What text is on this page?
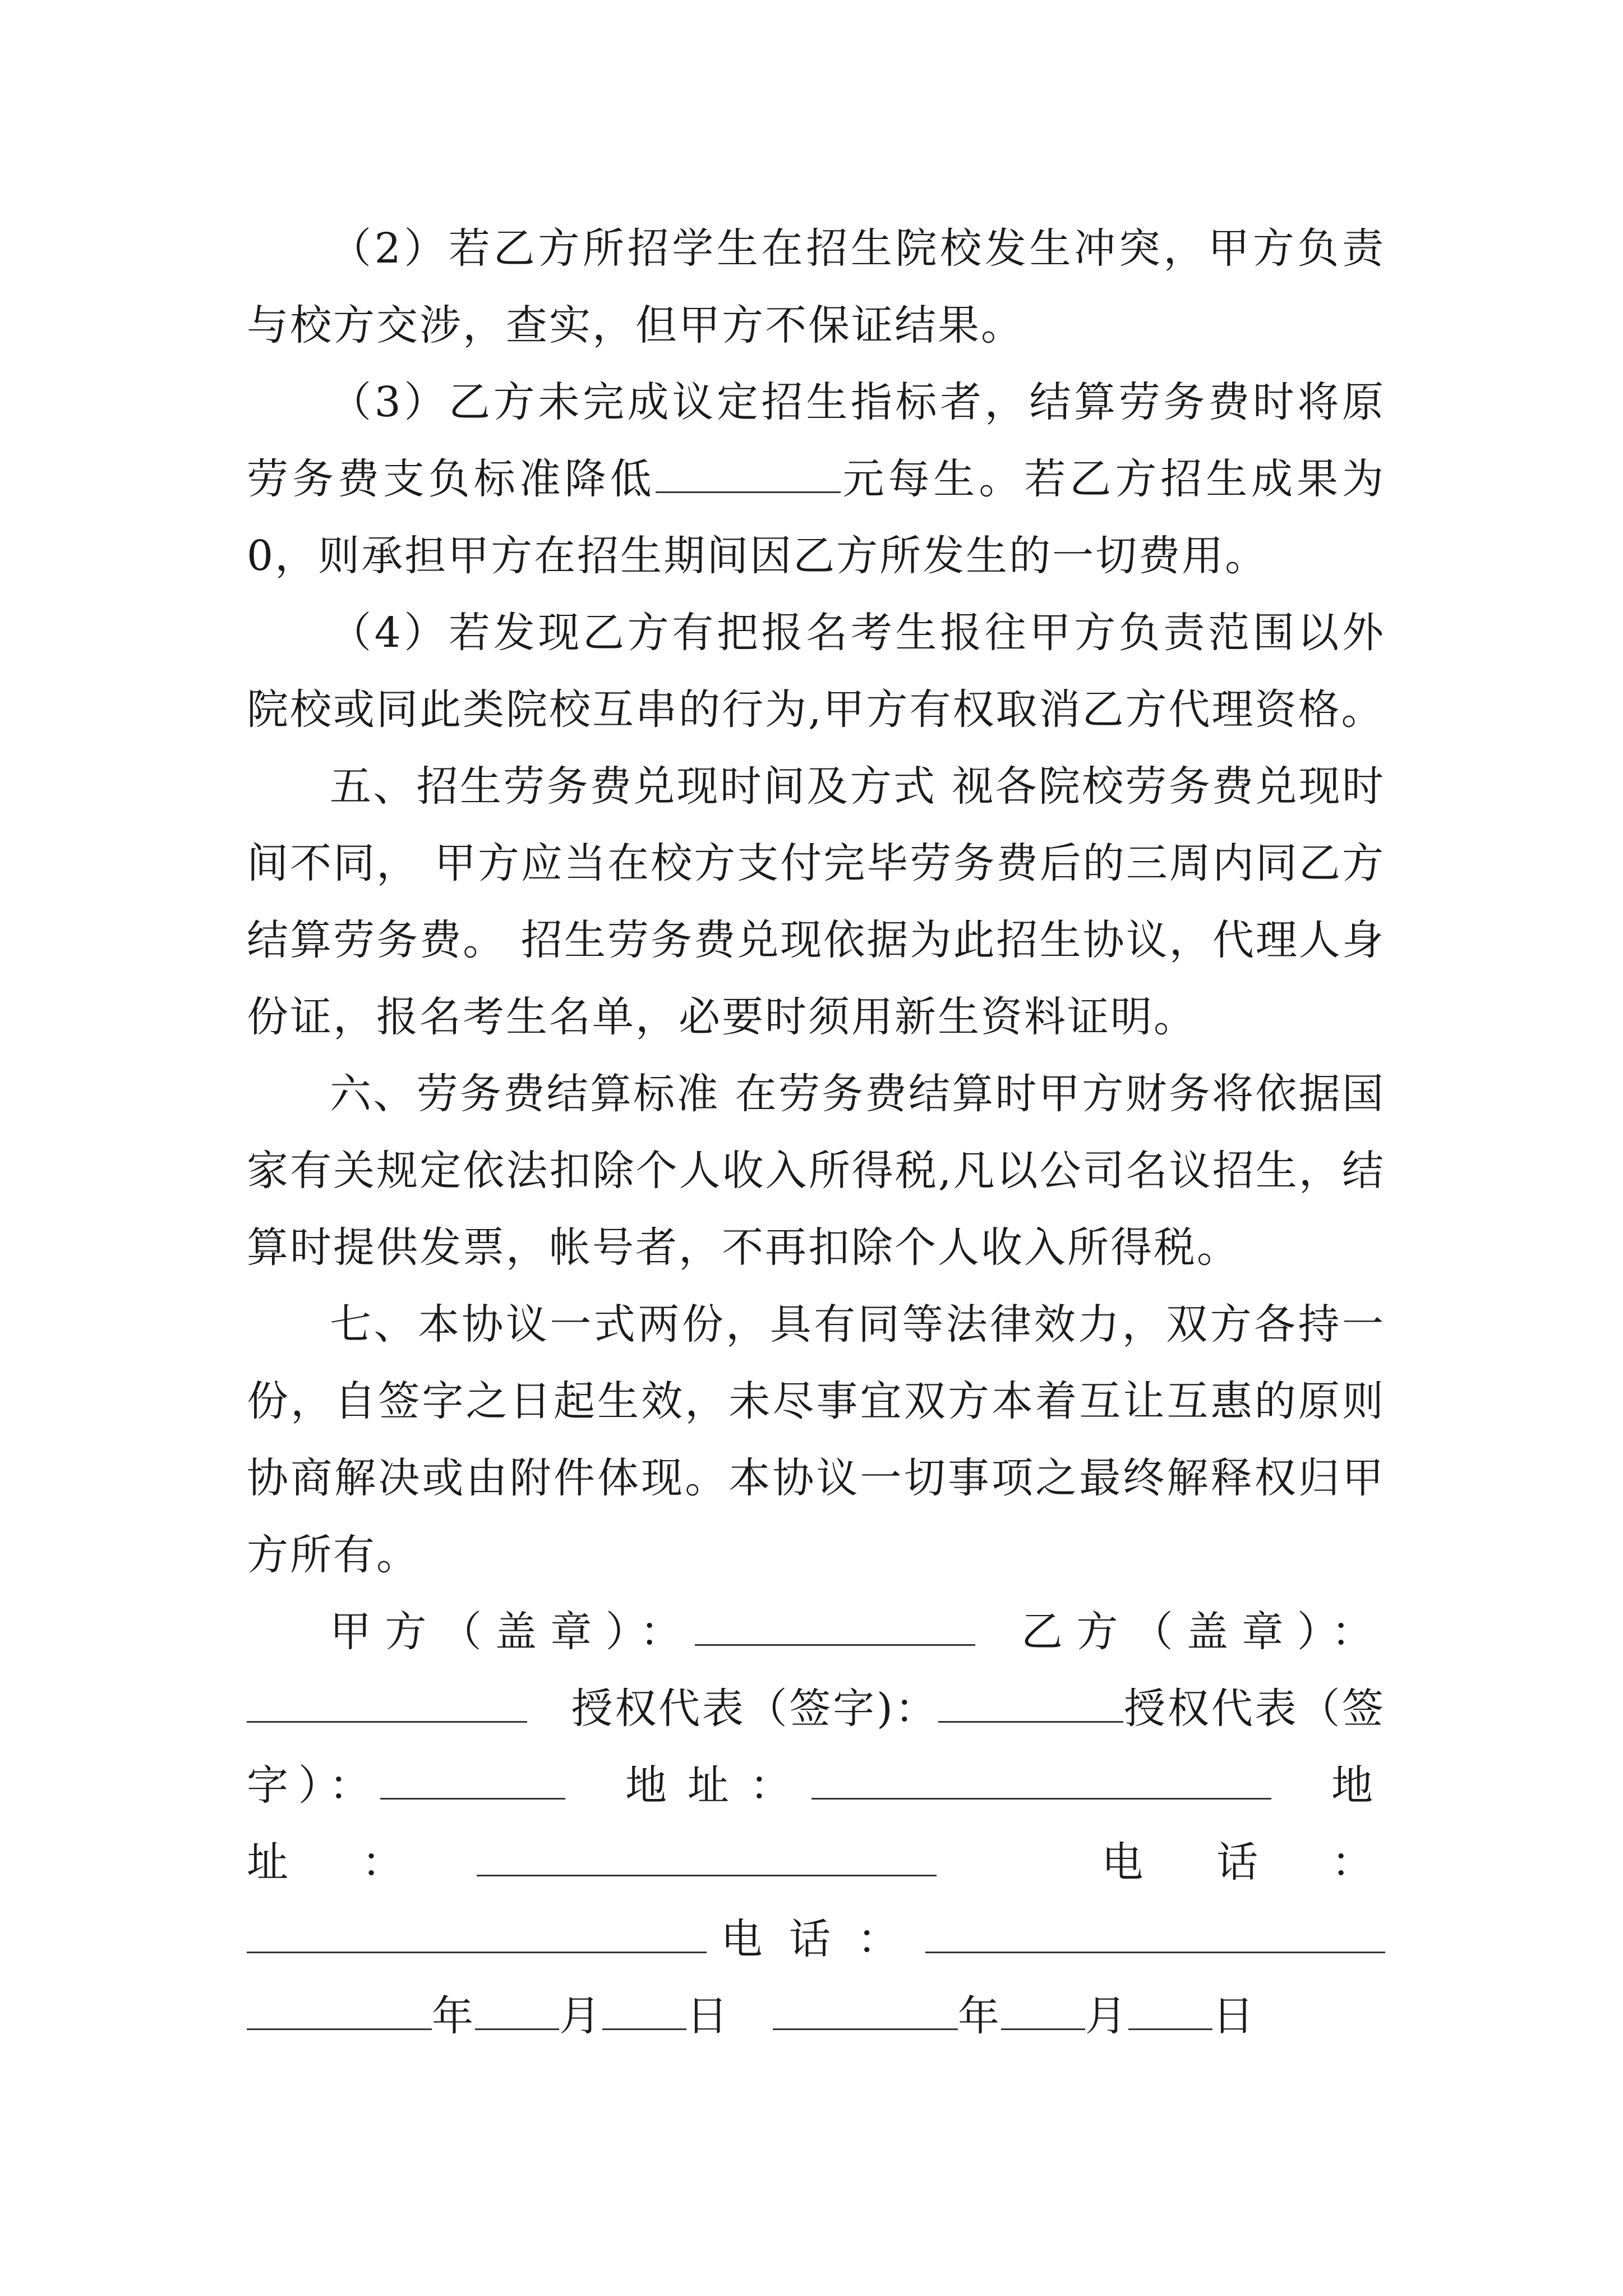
（2）若乙方所招学生在招生院校发生冲突，甲方负责与校方交涉，查实，但甲方不保证结果。

（3）乙方未完成议定招生指标者，结算劳务费时将原劳务费支负标准降低	元每生。若乙方招生成果为0，则承担甲方在招生期间因乙方所发生的一切费用。

（4）若发现乙方有把报名考生报往甲方负责范围以外院校或同此类院校互串的行为,甲方有权取消乙方代理资格。

五、招生劳务费兑现时间及方式 视各院校劳务费兑现时间不同， 甲方应当在校方支付完毕劳务费后的三周内同乙方结算劳务费。 招生劳务费兑现依据为此招生协议，代理人身份证，报名考生名单，必要时须用新生资料证明。

六、劳务费结算标准 在劳务费结算时甲方财务将依据国家有关规定依法扣除个人收入所得税,凡以公司名议招生，结算时提供发票，帐号者，不再扣除个人收入所得税。

七、本协议一式两份，具有同等法律效力，双方各持一份，自签字之日起生效，未尽事宜双方本着互让互惠的原则协商解决或由附件体现。本协议一切事项之最终解释权归甲方所有。

甲方（盖章）：　	乙方（盖章）：　授权代表（签字)：	授权代表（签字）：　	地址：　	地址：　	电话：电话：　年 月 日　	年 月 日
